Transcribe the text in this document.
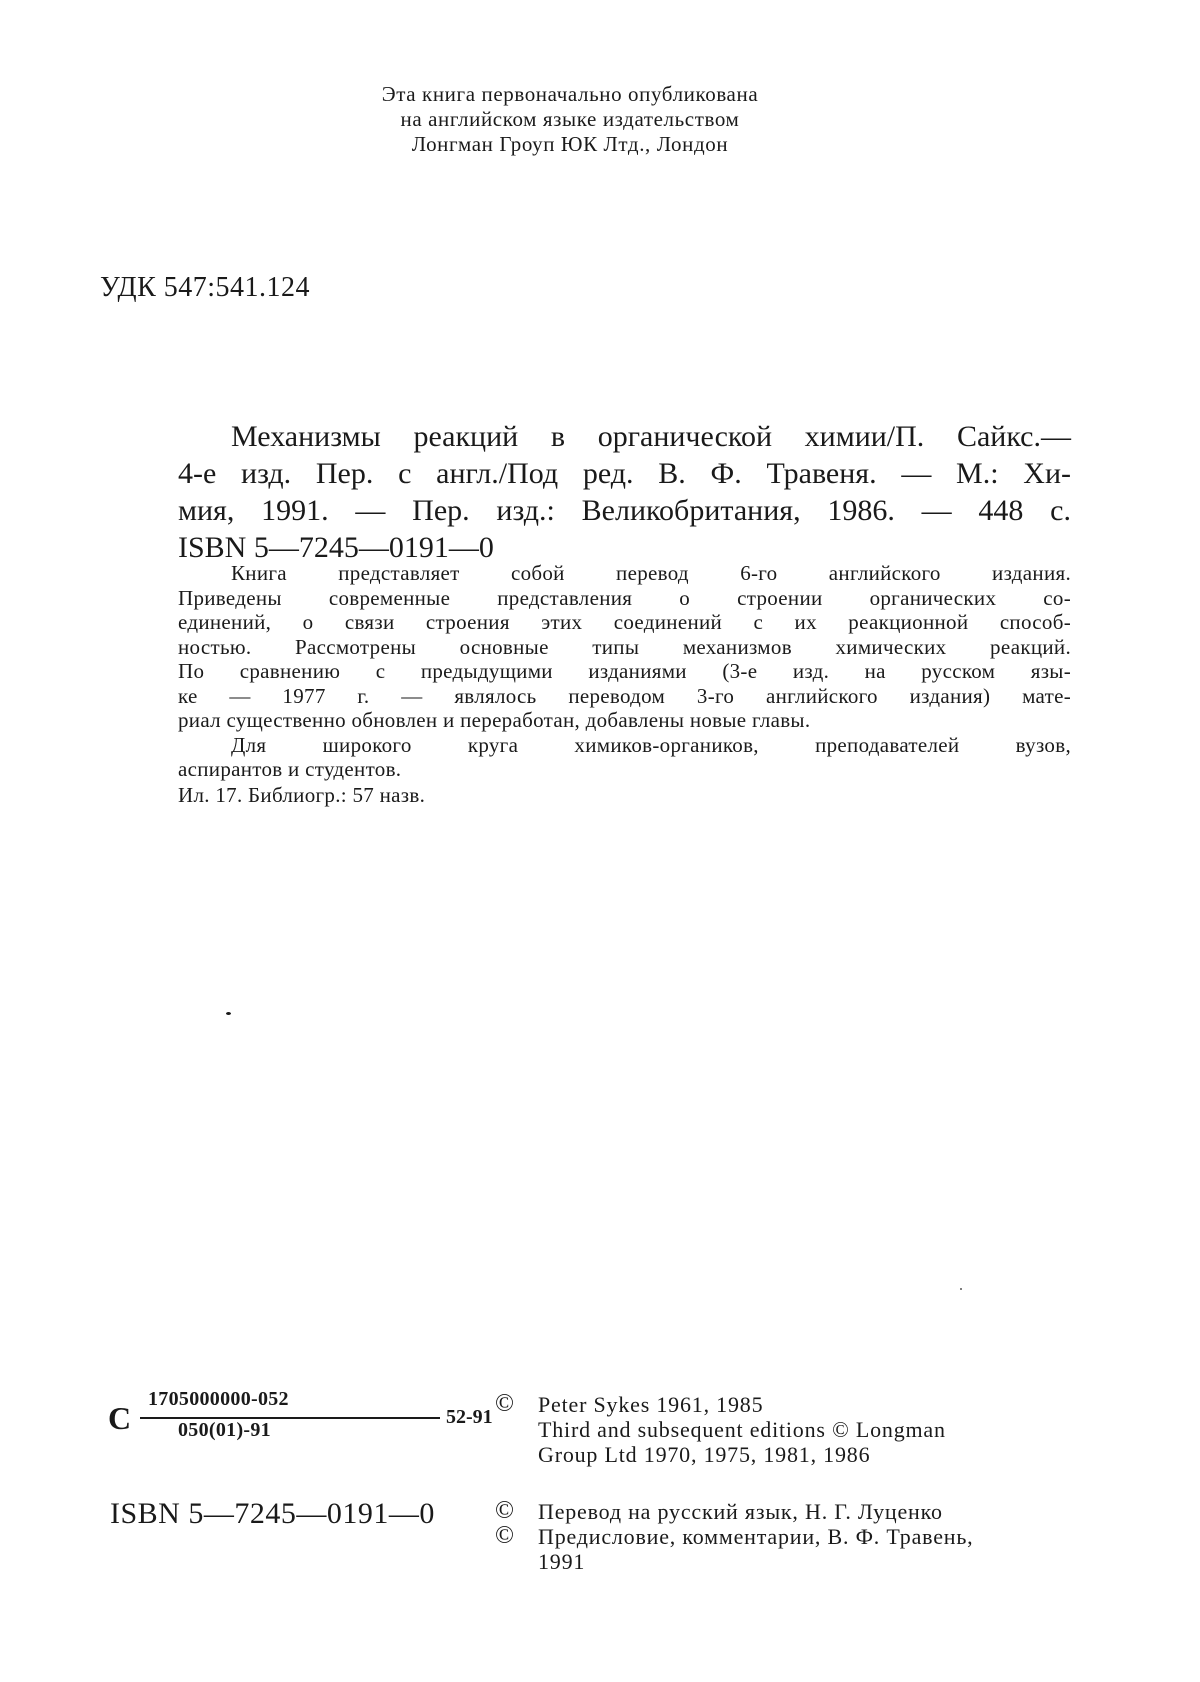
Эта книга первоначально опубликована
на английском языке издательством
Лонгман Гроуп ЮК Лтд., Лондон
УДК 547:541.124
Механизмы реакций в органической химии/П. Сайкс.—
4-е изд. Пер. с англ./Под ред. В. Ф. Травеня. — М.: Хи-
мия, 1991. — Пер. изд.: Великобритания, 1986. — 448 с.
ISBN 5—7245—0191—0
Книга представляет собой перевод 6-го английского издания.
Приведены современные представления о строении органических со-
единений, о связи строения этих соединений с их реакционной способ-
ностью. Рассмотрены основные типы механизмов химических реакций.
По сравнению с предыдущими изданиями (3-е изд. на русском язы-
ке — 1977 г. — являлось переводом 3-го английского издания) мате-
риал существенно обновлен и переработан, добавлены новые главы.
Для широкого круга химиков-органиков, преподавателей вузов,
аспирантов и студентов.
Ил. 17. Библиогр.: 57 назв.
С
1705000000-052
050(01)-91
52-91
ISBN 5—7245—0191—0
© Peter Sykes 1961, 1985
Third and subsequent editions © Longman
Group Ltd 1970, 1975, 1981, 1986
© Перевод на русский язык, Н. Г. Луценко
© Предисловие, комментарии, В. Ф. Травень,
1991
